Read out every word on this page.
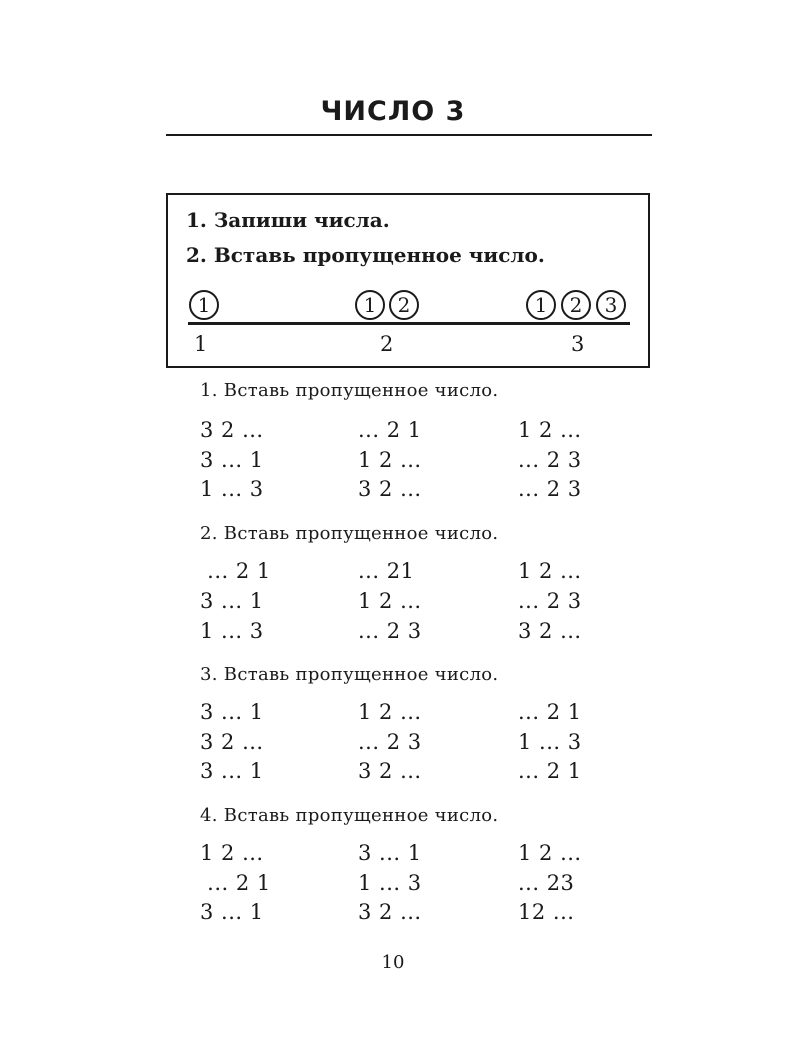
ЧИСЛО 3

1. Запиши числа.

2. Вставь пропущенное число.

1	1	2	1	2	3
1	2	3
1. Вставь пропущенное число.
3 2 ...	... 2 1	1 2 ...
3 ... 1	1 2 ...	... 2 3
1 ... 3	3 2 ...	... 2 3
2. Вставь пропущенное число.
... 2 1	... 21	1 2 ...
3 ... 1	1 2 ...	... 2 3
1 ... 3	... 2 3	3 2 ...
3. Вставь пропущенное число.
3 ... 1	1 2 ...	... 2 1
3 2 ...	... 2 3	1 ... 3
3 ... 1	3 2 ...	... 2 1
4. Вставь пропущенное число.
1 2 ...	3 ... 1	1 2 ...
... 2 1	1 ... 3	... 23
3 ... 1	3 2 ...	12 ...
10
